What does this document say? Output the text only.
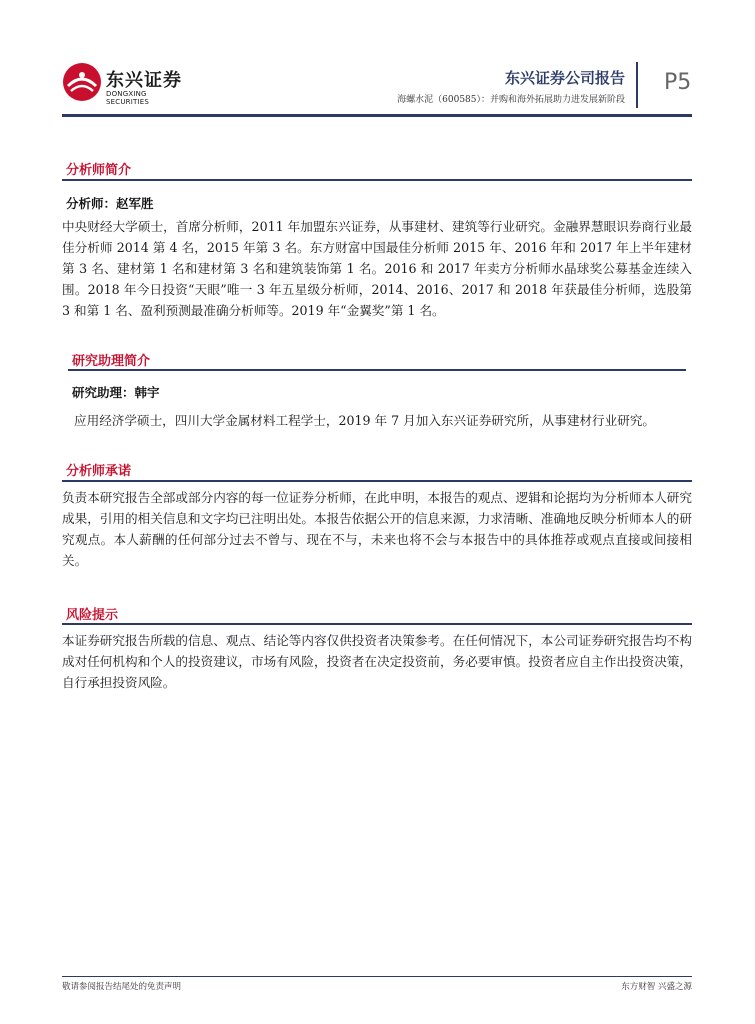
东兴证券
DONGXING SECURITIES
东兴证券公司报告
海螺水泥（600585）：并购和海外拓展助力进发展新阶段
P5
分析师简介
分析师：赵军胜
中央财经大学硕士，首席分析师，2011 年加盟东兴证券，从事建材、建筑等行业研究。金融界慧眼识券商行业最佳分析师 2014 第 4 名，2015 年第 3 名。东方财富中国最佳分析师 2015 年、2016 年和 2017 年上半年建材第 3 名、建材第 1 名和建材第 3 名和建筑装饰第 1 名。2016 和 2017 年卖方分析师水晶球奖公募基金连续入围。2018 年今日投资“天眼”唯一 3 年五星级分析师，2014、2016、2017 和 2018 年获最佳分析师，选股第 3 和第 1 名、盈利预测最准确分析师等。2019 年“金翼奖”第 1 名。
研究助理简介
研究助理：韩宇
应用经济学硕士，四川大学金属材料工程学士，2019 年 7 月加入东兴证券研究所，从事建材行业研究。
分析师承诺
负责本研究报告全部或部分内容的每一位证券分析师，在此申明，本报告的观点、逻辑和论据均为分析师本人研究成果，引用的相关信息和文字均已注明出处。本报告依据公开的信息来源，力求清晰、准确地反映分析师本人的研究观点。本人薪酬的任何部分过去不曾与、现在不与，未来也将不会与本报告中的具体推荐或观点直接或间接相关。
风险提示
本证券研究报告所载的信息、观点、结论等内容仅供投资者决策参考。在任何情况下，本公司证券研究报告均不构成对任何机构和个人的投资建议，市场有风险，投资者在决定投资前，务必要审慎。投资者应自主作出投资决策，自行承担投资风险。
敬请参阅报告结尾处的免责声明	东方财智 兴盛之源
